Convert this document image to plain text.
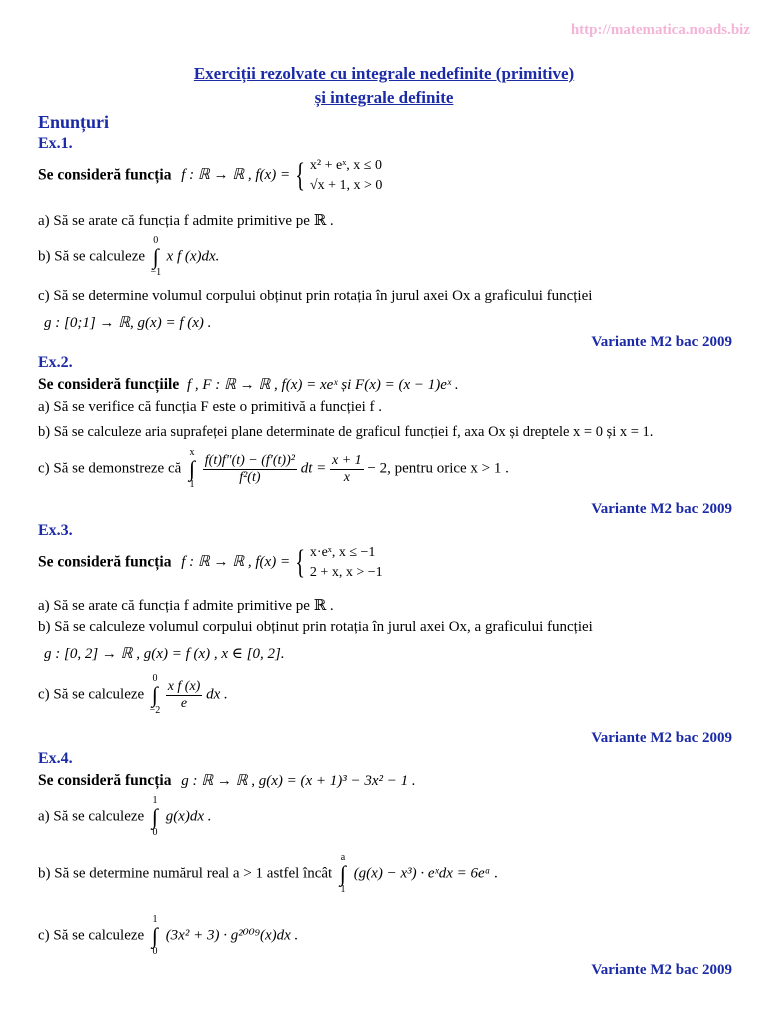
http://matematica.noads.biz
Exerciții rezolvate cu integrale nedefinite (primitive)
și integrale definite
Enunțuri
Ex.1.
Se consideră funcția f : ℝ → ℝ , f(x) = { x² + eˣ, x ≤ 0
√x + 1, x > 0
a) Să se arate că funcția f admite primitive pe ℝ .
b) Să se calculeze
0
∫
−1
x f (x)dx.
c) Să se determine volumul corpului obținut prin rotația în jurul axei Ox a graficului funcției
g : [0;1] → ℝ, g(x) = f (x) .
Variante M2 bac 2009
Ex.2.
Se consideră funcțiile f , F : ℝ → ℝ , f(x) = xeˣ și F(x) = (x − 1)eˣ .
a) Să se verifice că funcția F este o primitivă a funcției f .
b) Să se calculeze aria suprafeței plane determinate de graficul funcției f, axa Ox și dreptele x = 0 și x = 1.
c) Să se demonstreze că
x
∫
1
$\frac{\text{f(t)f″(t) − (f′(t))²}}{\text{f²(t)}}$ dt = $\frac{x + 1}{x} - 2$, pentru orice x > 1 .
Variante M2 bac 2009
Ex.3.
Se consideră funcția f : ℝ → ℝ , f(x) = { x·eˣ, x ≤ −1
2 + x, x > −1
a) Să se arate că funcția f admite primitive pe ℝ .
b) Să se calculeze volumul corpului obținut prin rotația în jurul axei Ox, a graficului funcției
g : [0, 2] → ℝ , g(x) = f (x) , x ∈ [0, 2].
c) Să se calculeze
0
∫
−2
$\frac{\text{x f (x)}}{e}$ dx .
Variante M2 bac 2009
Ex.4.
Se consideră funcția g : ℝ → ℝ , g(x) = (x + 1)³ − 3x² − 1 .
a) Să se calculeze
1
∫
0
g(x)dx .
b) Să se determine numărul real a > 1 astfel încât
a
∫
1
(g(x) − x³) · eˣdx = 6eᵃ .
c) Să se calculeze
1
∫
0
(3x² + 3) · g²⁰⁰⁹(x)dx .
Variante M2 bac 2009
